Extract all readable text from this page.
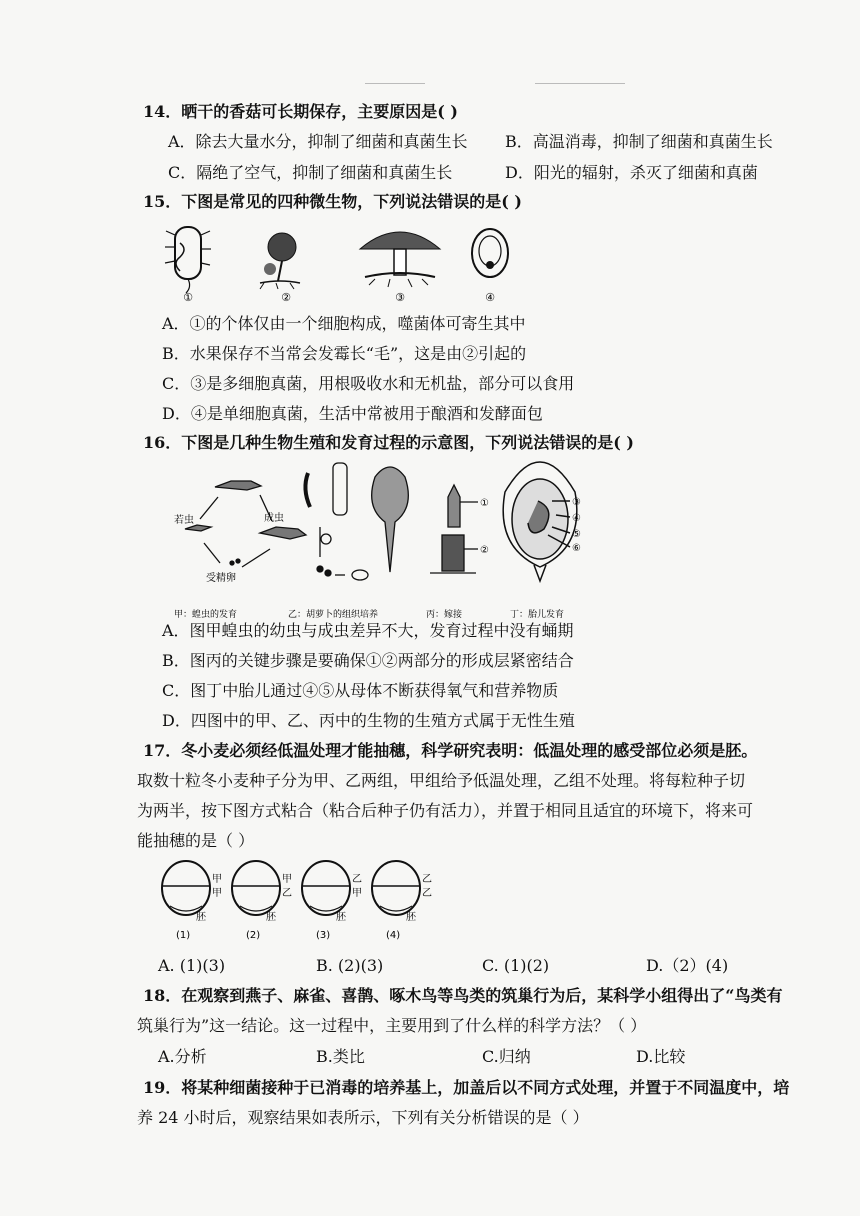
14．晒干的香菇可长期保存，主要原因是( )
A．除去大量水分，抑制了细菌和真菌生长 B．高温消毒，抑制了细菌和真菌生长
C．隔绝了空气，抑制了细菌和真菌生长	D．阳光的辐射，杀灭了细菌和真菌
15．下图是常见的四种微生物，下列说法错误的是( )
①	②	③	④
A．①的个体仅由一个细胞构成，噬菌体可寄生其中
B．水果保存不当常会发霉长“毛”，这是由②引起的
C．③是多细胞真菌，用根吸收水和无机盐，部分可以食用
D．④是单细胞真菌，生活中常被用于酿酒和发酵面包
16．下图是几种生物生殖和发育过程的示意图，下列说法错误的是( )
若虫	成虫
受精卵
甲：蝗虫的发育	乙：胡萝卜的组织培养
①
②
丙：嫁接
③
④
⑤
⑥
丁：胎儿发育
A．图甲蝗虫的幼虫与成虫差异不大，发育过程中没有蛹期
B．图丙的关键步骤是要确保①②两部分的形成层紧密结合
C．图丁中胎儿通过④⑤从母体不断获得氧气和营养物质
D．四图中的甲、乙、丙中的生物的生殖方式属于无性生殖
17．冬小麦必须经低温处理才能抽穗，科学研究表明：低温处理的感受部位必须是胚。
取数十粒冬小麦种子分为甲、乙两组，甲组给予低温处理，乙组不处理。将每粒种子切
为两半，按下图方式粘合（粘合后种子仍有活力），并置于相同且适宜的环境下，将来可
能抽穗的是（ ）
甲
甲
胚
(1)
甲
乙
胚
(2)
乙
甲
胚
(3)
乙
乙
胚
(4)
A. (1)(3)	B. (2)(3)	C. (1)(2)	D.（2）(4)
18．在观察到燕子、麻雀、喜鹊、啄木鸟等鸟类的筑巢行为后，某科学小组得出了“鸟类有
筑巢行为”这一结论。这一过程中，主要用到了什么样的科学方法？（ ）
A.分析	B.类比	C.归纳	D.比较
19．将某种细菌接种于已消毒的培养基上，加盖后以不同方式处理，并置于不同温度中，培
养 24 小时后，观察结果如表所示，下列有关分析错误的是（ ）
